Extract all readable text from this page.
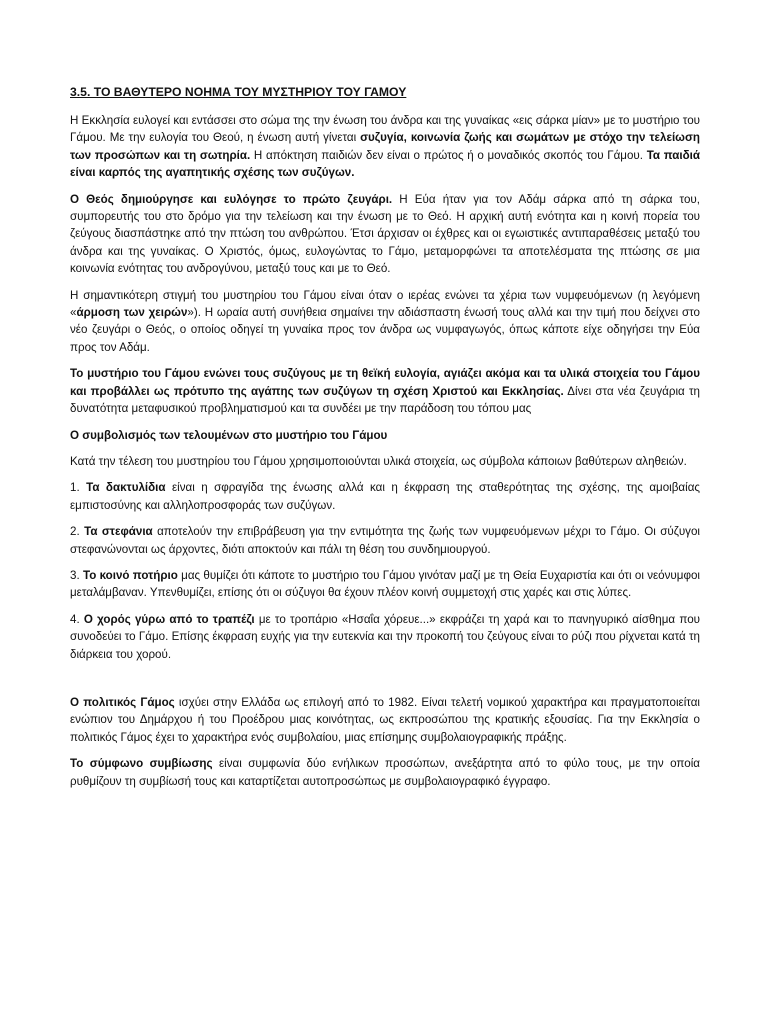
3.5. ΤΟ ΒΑΘΥΤΕΡΟ ΝΟΗΜΑ ΤΟΥ ΜΥΣΤΗΡΙΟΥ ΤΟΥ ΓΑΜΟΥ

Η Εκκλησία ευλογεί και εντάσσει στο σώμα της την ένωση του άνδρα και της γυναίκας «εις σάρκα μίαν» με το μυστήριο του Γάμου. Με την ευλογία του Θεού, η ένωση αυτή γίνεται συζυγία, κοινωνία ζωής και σωμάτων με στόχο την τελείωση των προσώπων και τη σωτηρία. Η απόκτηση παιδιών δεν είναι ο πρώτος ή ο μοναδικός σκοπός του Γάμου. Τα παιδιά είναι καρπός της αγαπητικής σχέσης των συζύγων.

Ο Θεός δημιούργησε και ευλόγησε το πρώτο ζευγάρι. Η Εύα ήταν για τον Αδάμ σάρκα από τη σάρκα του, συμπορευτής του στο δρόμο για την τελείωση και την ένωση με το Θεό. Η αρχική αυτή ενότητα και η κοινή πορεία του ζεύγους διασπάστηκε από την πτώση του ανθρώπου. Έτσι άρχισαν οι έχθρες και οι εγωιστικές αντιπαραθέσεις μεταξύ του άνδρα και της γυναίκας. Ο Χριστός, όμως, ευλογώντας το Γάμο, μεταμορφώνει τα αποτελέσματα της πτώσης σε μια κοινωνία ενότητας του ανδρογύνου, μεταξύ τους και με το Θεό.

Η σημαντικότερη στιγμή του μυστηρίου του Γάμου είναι όταν ο ιερέας ενώνει τα χέρια των νυμφευόμενων (η λεγόμενη «άρμοση των χειρών»). Η ωραία αυτή συνήθεια σημαίνει την αδιάσπαστη ένωσή τους αλλά και την τιμή που δείχνει στο νέο ζευγάρι ο Θεός, ο οποίος οδηγεί τη γυναίκα προς τον άνδρα ως νυμφαγωγός, όπως κάποτε είχε οδηγήσει την Εύα προς τον Αδάμ.

Το μυστήριο του Γάμου ενώνει τους συζύγους με τη θεϊκή ευλογία, αγιάζει ακόμα και τα υλικά στοιχεία του Γάμου και προβάλλει ως πρότυπο της αγάπης των συζύγων τη σχέση Χριστού και Εκκλησίας. Δίνει στα νέα ζευγάρια τη δυνατότητα μεταφυσικού προβληματισμού και τα συνδέει με την παράδοση του τόπου μας

Ο συμβολισμός των τελουμένων στο μυστήριο του Γάμου

Κατά την τέλεση του μυστηρίου του Γάμου χρησιμοποιούνται υλικά στοιχεία, ως σύμβολα κάποιων βαθύτερων αληθειών.

1. Τα δακτυλίδια είναι η σφραγίδα της ένωσης αλλά και η έκφραση της σταθερότητας της σχέσης, της αμοιβαίας εμπιστοσύνης και αλληλοπροσφοράς των συζύγων.

2. Τα στεφάνια αποτελούν την επιβράβευση για την εντιμότητα της ζωής των νυμφευόμενων μέχρι το Γάμο. Οι σύζυγοι στεφανώνονται ως άρχοντες, διότι αποκτούν και πάλι τη θέση του συνδημιουργού.

3. Το κοινό ποτήριο μας θυμίζει ότι κάποτε το μυστήριο του Γάμου γινόταν μαζί με τη Θεία Ευχαριστία και ότι οι νεόνυμφοι μεταλάμβαναν. Υπενθυμίζει, επίσης ότι οι σύζυγοι θα έχουν πλέον κοινή συμμετοχή στις χαρές και στις λύπες.

4. Ο χορός γύρω από το τραπέζι με το τροπάριο «Ησαΐα χόρευε...» εκφράζει τη χαρά και το πανηγυρικό αίσθημα που συνοδεύει το Γάμο. Επίσης έκφραση ευχής για την ευτεκνία και την προκοπή του ζεύγους είναι το ρύζι που ρίχνεται κατά τη διάρκεια του χορού.

Ο πολιτικός Γάμος ισχύει στην Ελλάδα ως επιλογή από το 1982. Είναι τελετή νομικού χαρακτήρα και πραγματοποιείται ενώπιον του Δημάρχου ή του Προέδρου μιας κοινότητας, ως εκπροσώπου της κρατικής εξουσίας. Για την Εκκλησία ο πολιτικός Γάμος έχει το χαρακτήρα ενός συμβολαίου, μιας επίσημης συμβολαιογραφικής πράξης.

Το σύμφωνο συμβίωσης είναι συμφωνία δύο ενήλικων προσώπων, ανεξάρτητα από το φύλο τους, με την οποία ρυθμίζουν τη συμβίωσή τους και καταρτίζεται αυτοπροσώπως με συμβολαιογραφικό έγγραφο.
